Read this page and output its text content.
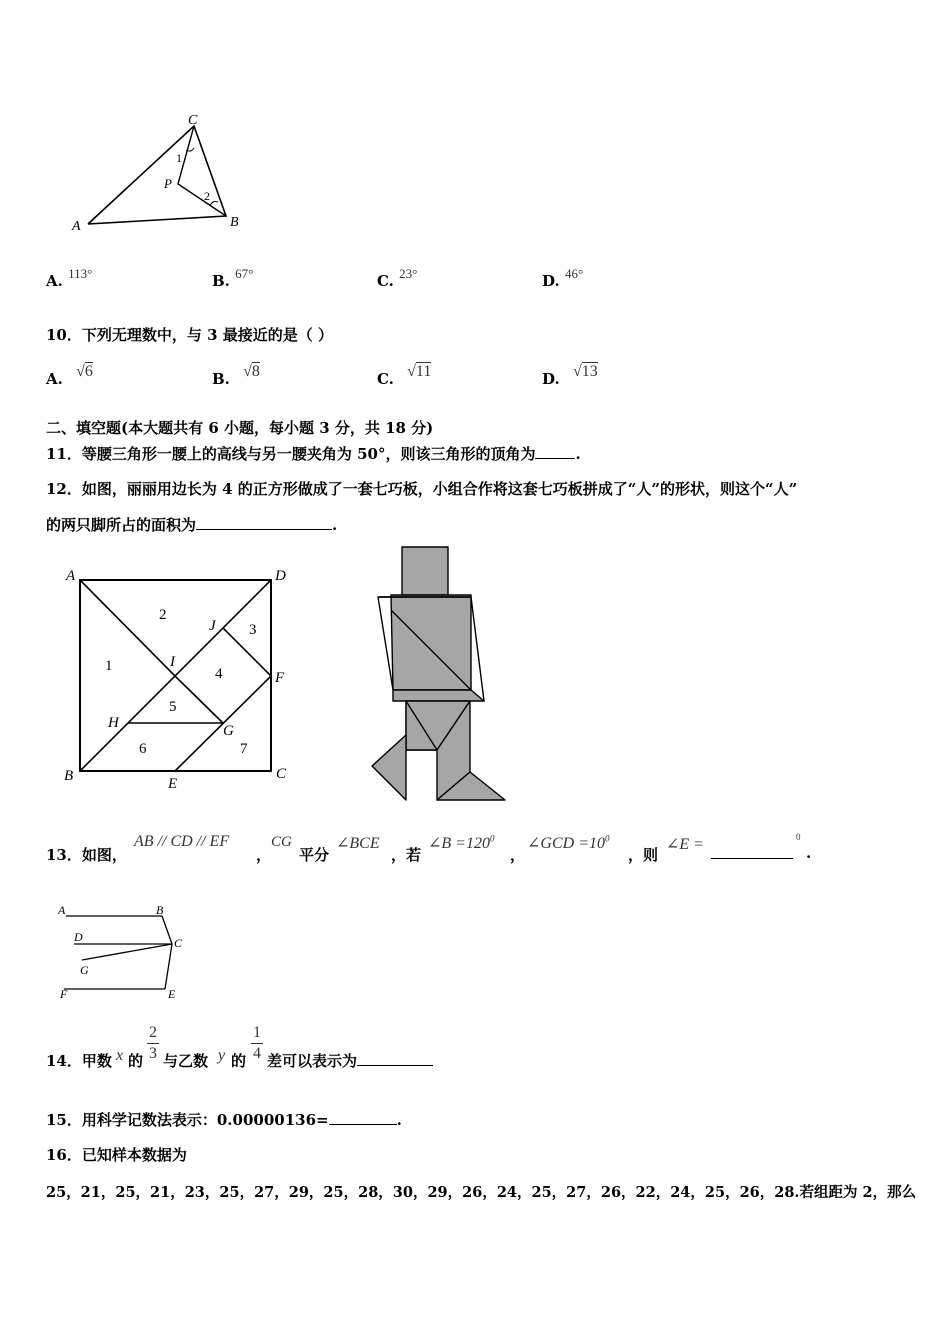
C
P
A	B
1
2
A. 113°	B. 67°	C. 23°	D. 46°
10．下列无理数中，与 3 最接近的是（ ）
A. √6	B. √8	C. √11	D. √13
二、填空题(本大题共有 6 小题，每小题 3 分，共 18 分)
11．等腰三角形一腰上的高线与另一腰夹角为 50°，则该三角形的顶角为	.
12．如图，丽丽用边长为 4 的正方形做成了一套七巧板，小组合作将这套七巧板拼成了“人”的形状，则这个“人”
的两只脚所占的面积为	.
A	D
B	C
E
F
G
H
I
J
1
2
3
4
5
6	7
13．如图，
AB // CD // EF
，
CG
平分
∠BCE
，若
∠B $=120^0$
，
∠GCD $=10^0$
，则
∠E =	0
.
A	B
D	C
G
F	E
14．甲数 x 的
2
3 与乙数 y 的
1
4 差可以表示为
15．用科学记数法表示：0.00000136=	.
16．已知样本数据为
25，21，25，21，23，25，27，29，25，28，30，29，26，24，25，27，26，22，24，25，26，28.若组距为 2，那么
